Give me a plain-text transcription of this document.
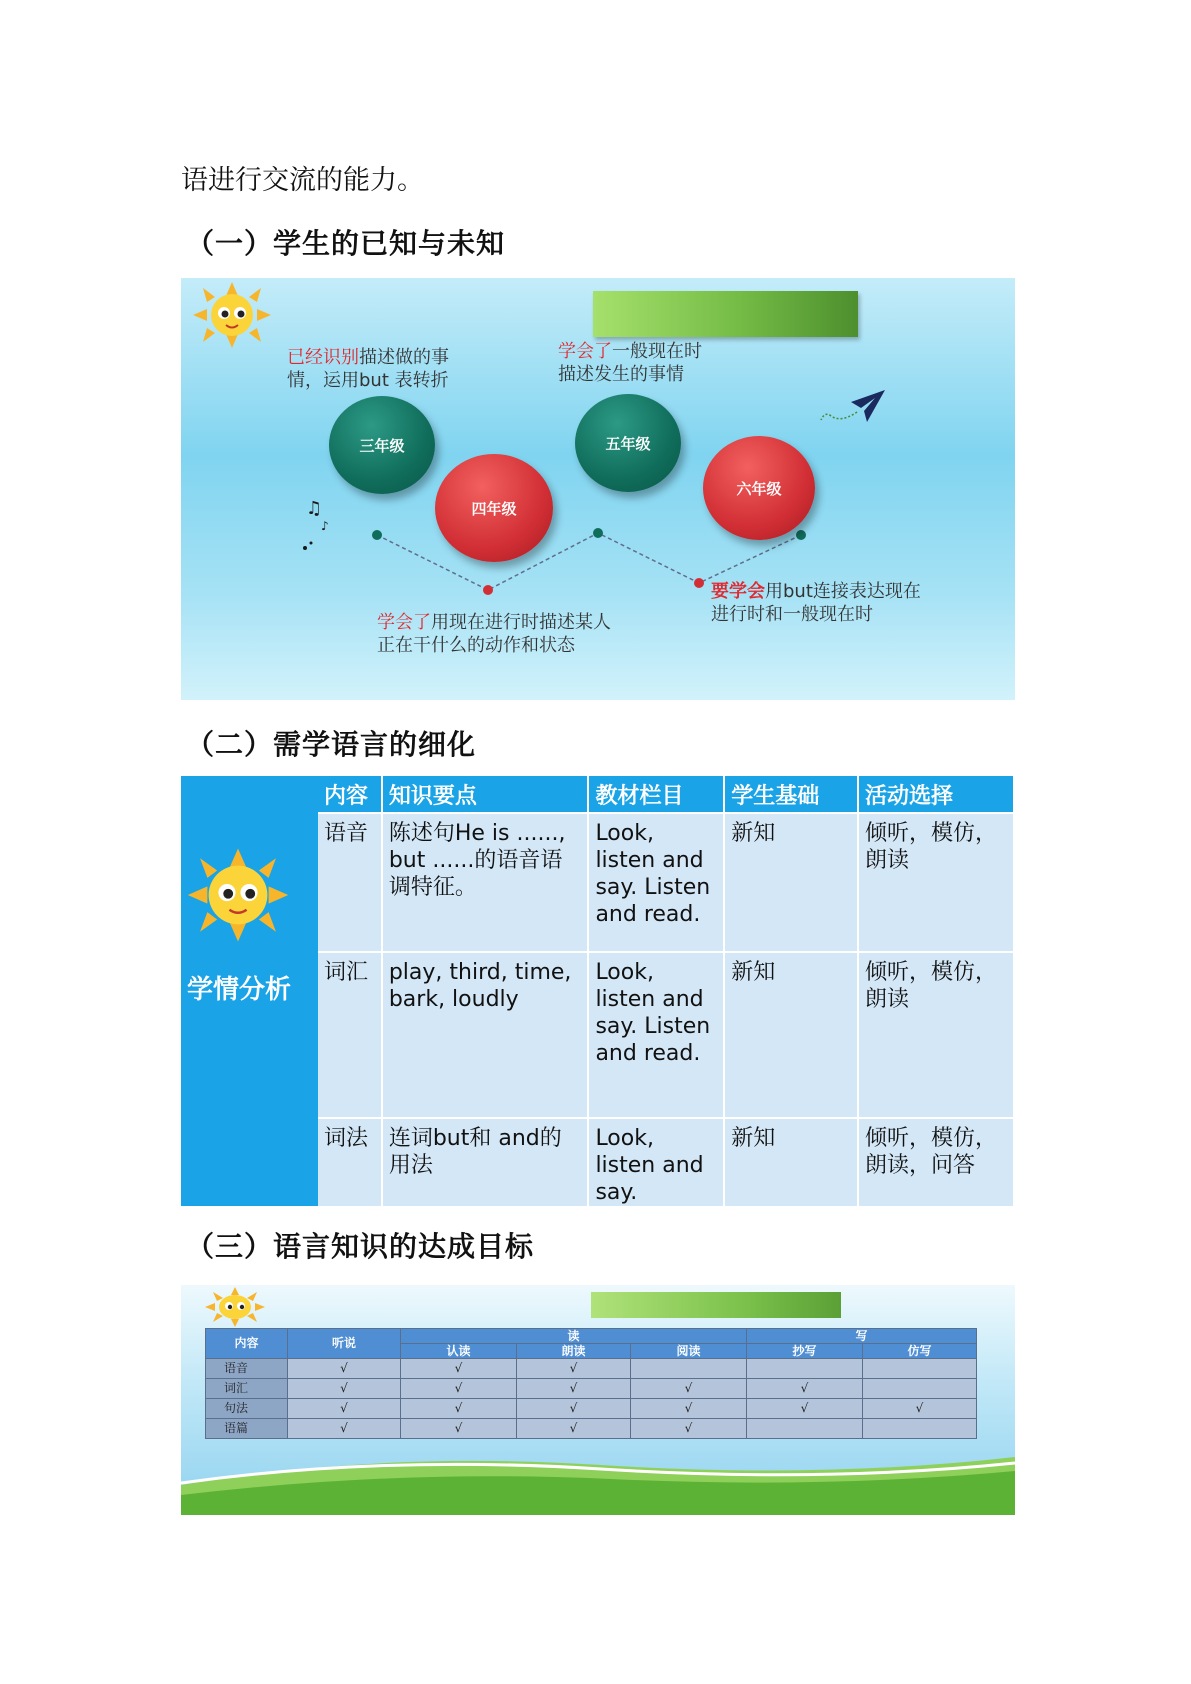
语进行交流的能力。
（一）学生的已知与未知
♫
♪
三年级
四年级
五年级
六年级
已经识别描述做的事
情，运用but 表转折
学会了一般现在时
描述发生的事情
学会了用现在进行时描述某人
正在干什么的动作和状态
要学会用but连接表达现在
进行时和一般现在时
（二）需学语言的细化
学情分析
内容	知识要点	教材栏目	学生基础	活动选择
语音	陈述句He is ......, but ......的语音语调特征。	Look, listen and say. Listen and read.	新知	倾听，模仿，朗读

词汇	play, third, time, bark, loudly	Look, listen and say. Listen and read.	新知	倾听，模仿，朗读

词法	连词but和 and的用法	Look, listen and say.	新知	倾听，模仿，朗读，问答
（三）语言知识的达成目标
内容	听说	读			写	
		认读	朗读	阅读	抄写	仿写
语音	√	√	√			
词汇	√	√	√	√	√	
句法	√	√	√	√	√	√
语篇	√	√	√	√		
